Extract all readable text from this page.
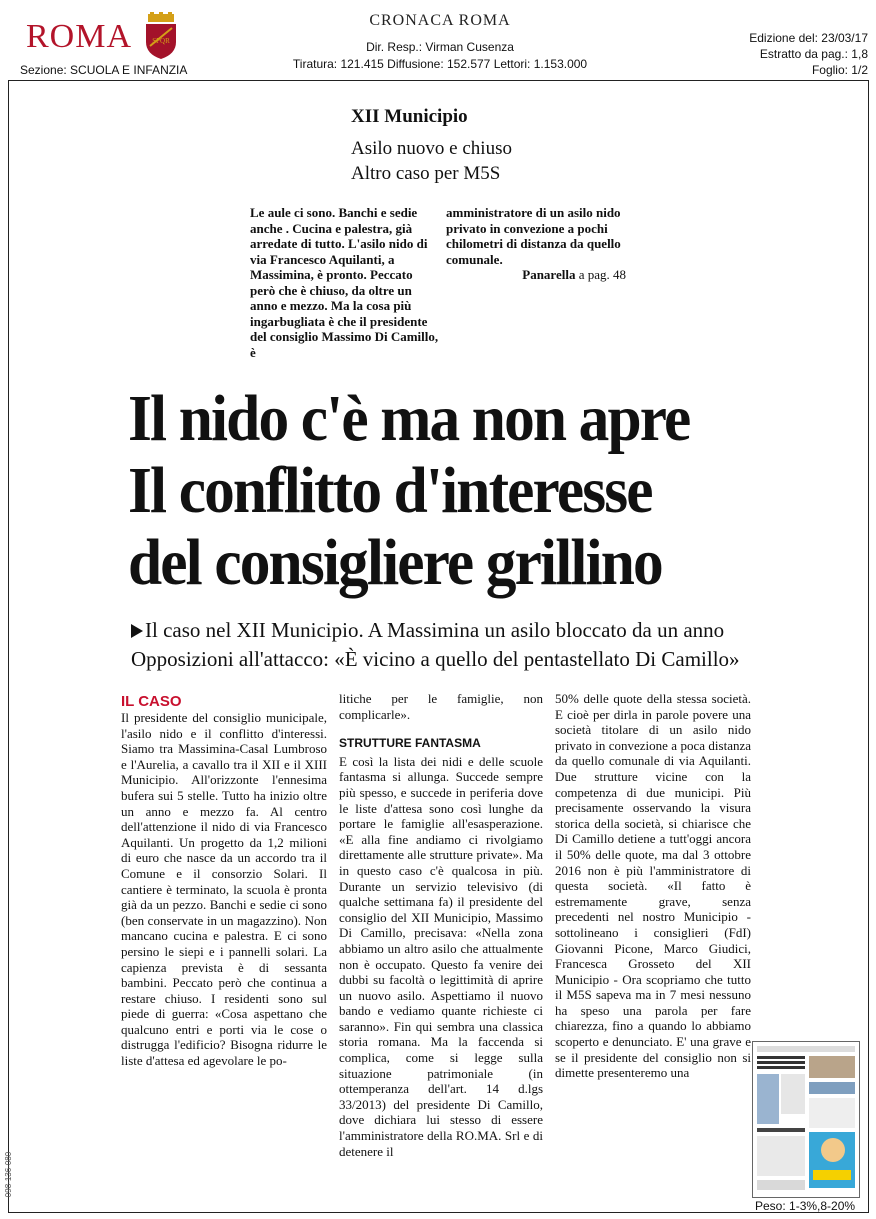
ROMA	SPQR
Sezione: SCUOLA E INFANZIA
CRONACA ROMA
Dir. Resp.: Virman Cusenza
Tiratura: 121.415 Diffusione: 152.577 Lettori: 1.153.000
Edizione del: 23/03/17
Estratto da pag.: 1,8
Foglio: 1/2
XII Municipio
Asilo nuovo e chiuso
Altro caso per M5S
Le aule ci sono. Banchi e sedie anche . Cucina e palestra, già arredate di tutto. L'asilo nido di via Francesco Aquilanti, a Massimina, è pronto. Peccato però che è chiuso, da oltre un anno e mezzo. Ma la cosa più ingarbugliata è che il presidente del consiglio Massimo Di Camillo, è
amministratore di un asilo nido privato in convezione a pochi chilometri di distanza da quello comunale.
Panarella a pag. 48
Il nido c'è ma non apre
Il conflitto d'interesse
del consigliere grillino
Il caso nel XII Municipio. A Massimina un asilo bloccato da un anno
Opposizioni all'attacco: «È vicino a quello del pentastellato Di Camillo»
IL CASO
Il presidente del consiglio municipale, l'asilo nido e il conflitto d'interessi. Siamo tra Massimina-Casal Lumbroso e l'Aurelia, a cavallo tra il XII e il XIII Municipio. All'orizzonte l'ennesima bufera sui 5 stelle. Tutto ha inizio oltre un anno e mezzo fa. Al centro dell'attenzione il nido di via Francesco Aquilanti. Un progetto da 1,2 milioni di euro che nasce da un accordo tra il Comune e il consorzio Solari. Il cantiere è terminato, la scuola è pronta già da un pezzo. Banchi e sedie ci sono (ben conservate in un magazzino). Non mancano cucina e palestra. E ci sono persino le siepi e i pannelli solari. La capienza prevista è di sessanta bambini. Peccato però che continua a restare chiuso. I residenti sono sul piede di guerra: «Cosa aspettano che qualcuno entri e porti via le cose o distrugga l'edificio? Bisogna ridurre le liste d'attesa ed agevolare le po-
litiche per le famiglie, non complicarle».
STRUTTURE FANTASMA
E così la lista dei nidi e delle scuole fantasma si allunga. Succede sempre più spesso, e succede in periferia dove le liste d'attesa sono così lunghe da portare le famiglie all'esasperazione. «E alla fine andiamo ci rivolgiamo direttamente alle strutture private». Ma in questo caso c'è qualcosa in più. Durante un servizio televisivo (di qualche settimana fa) il presidente del consiglio del XII Municipio, Massimo Di Camillo, precisava: «Nella zona abbiamo un altro asilo che attualmente non è occupato. Questo fa venire dei dubbi su facoltà o legittimità di aprire un nuovo asilo. Aspettiamo il nuovo bando e vediamo quante richieste ci saranno». Fin qui sembra una classica storia romana. Ma la faccenda si complica, come si legge sulla situazione patrimoniale (in ottemperanza dell'art. 14 d.lgs 33/2013) del presidente Di Camillo, dove dichiara lui stesso di essere l'amministratore della RO.MA. Srl e di detenere il
50% delle quote della stessa società. E cioè per dirla in parole povere una società titolare di un asilo nido privato in convezione a poca distanza da quello comunale di via Aquilanti. Due strutture vicine con la competenza di due municipi. Più precisamente osservando la visura storica della società, si chiarisce che Di Camillo detiene a tutt'oggi ancora il 50% delle quote, ma dal 3 ottobre 2016 non è più l'amministratore di questa società. «Il fatto è estremamente grave, senza precedenti nel nostro Municipio - sottolineano i consiglieri (FdI) Giovanni Picone, Marco Giudici, Francesca Grosseto del XII Municipio - Ora scopriamo che tutto il M5S sapeva ma in 7 mesi nessuno ha speso una parola per fare chiarezza, fino a quando lo abbiamo scoperto e denunciato. E' una grave e se il presidente del consiglio non si dimette presenteremo una
Peso: 1-3%,8-20%
098-136-080
